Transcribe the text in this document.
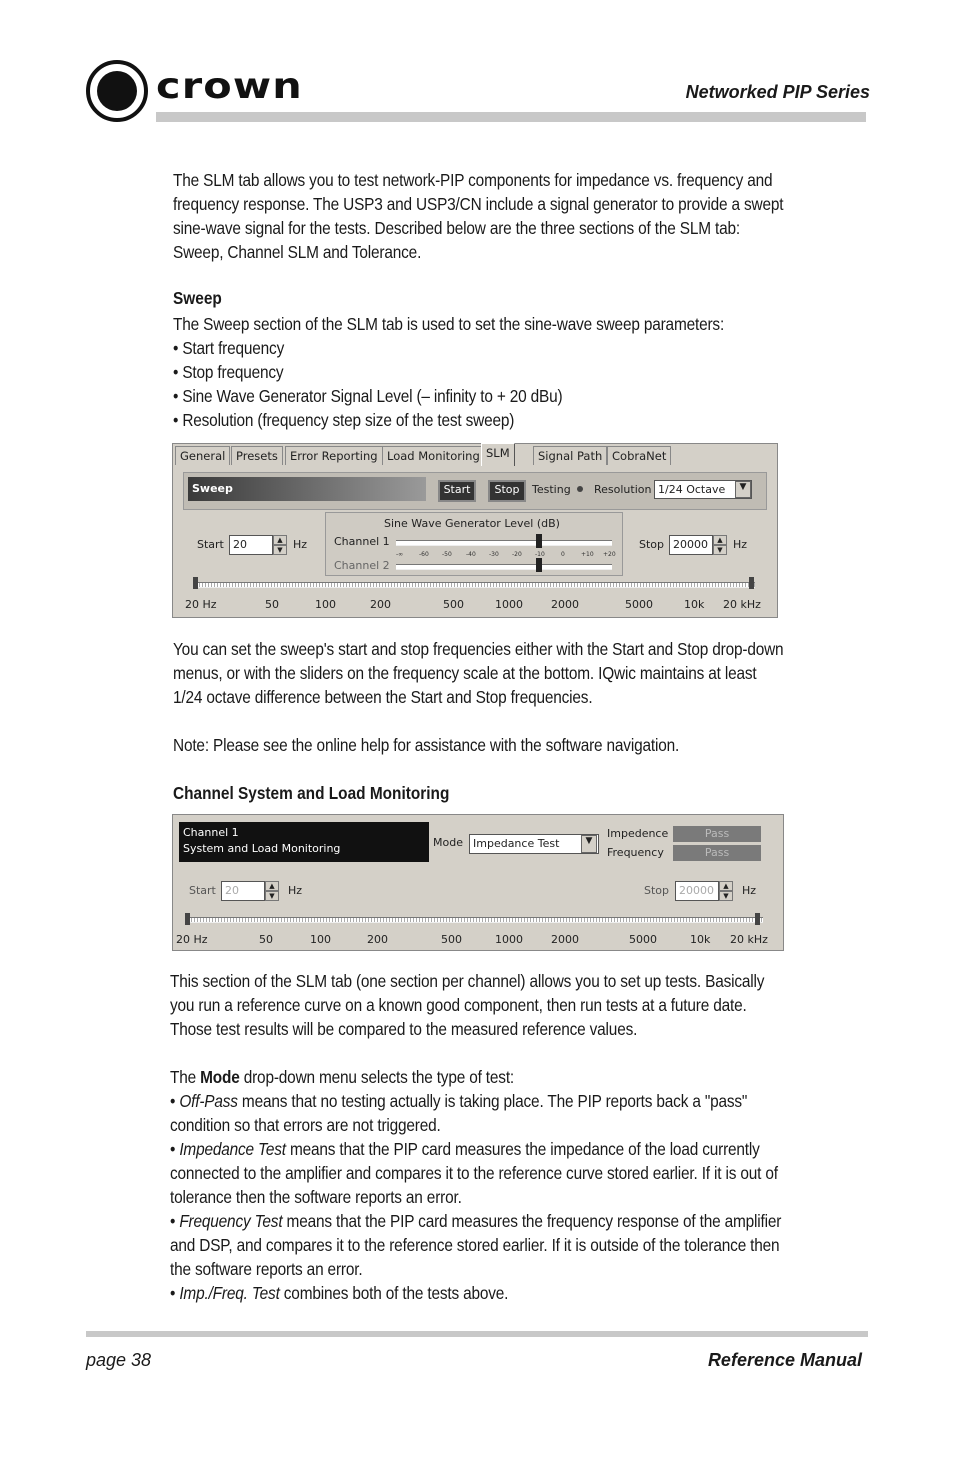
crown	Networked PIP Series
The SLM tab allows you to test network-PIP components for impedance vs. frequency and
frequency response. The USP3 and USP3/CN include a signal generator to provide a swept
sine-wave signal for the tests. Described below are the three sections of the SLM tab:
Sweep, Channel SLM and Tolerance.
Sweep
The Sweep section of the SLM tab is used to set the sine-wave sweep parameters:
• Start frequency
• Stop frequency
• Sine Wave Generator Signal Level (– infinity to + 20 dBu)
• Resolution (frequency step size of the test sweep)
General Presets	Error Reporting Load Monitoring SLM	Signal Path CobraNet
Sweep	Start	Stop	Testing Resolution 1/24 Octave	▼
Start 20	▲
▼ Hz
Sine Wave Generator Level (dB)
Channel 1
-∞	-60 -50 -40 -30 -20 -10	0	+10 +20
Channel 2
Stop 20000	▲
▼ Hz
20 Hz	50	100	200	500	1000	2000	5000	10k 20 kHz
You can set the sweep's start and stop frequencies either with the Start and Stop drop-down
menus, or with the sliders on the frequency scale at the bottom. IQwic maintains at least
1/24 octave difference between the Start and Stop frequencies.
Note: Please see the online help for assistance with the software navigation.
Channel System and Load Monitoring
Channel 1
System and Load Monitoring	Mode Impedance Test	▼
Impedence
Frequency
Pass
Pass
Start 20	▲
▼	Hz	Stop 20000	▲
▼	Hz
20 Hz	50	100	200	500	1000	2000	5000	10k 20 kHz
This section of the SLM tab (one section per channel) allows you to set up tests. Basically
you run a reference curve on a known good component, then run tests at a future date.
Those test results will be compared to the measured reference values.
The Mode drop-down menu selects the type of test:
• Off-Pass means that no testing actually is taking place. The PIP reports back a "pass"
condition so that errors are not triggered.
• Impedance Test means that the PIP card measures the impedance of the load currently
connected to the amplifier and compares it to the reference curve stored earlier. If it is out of
tolerance then the software reports an error.
• Frequency Test means that the PIP card measures the frequency response of the amplifier
and DSP, and compares it to the reference stored earlier. If it is outside of the tolerance then
the software reports an error.
• Imp./Freq. Test combines both of the tests above.
page 38	Reference Manual
